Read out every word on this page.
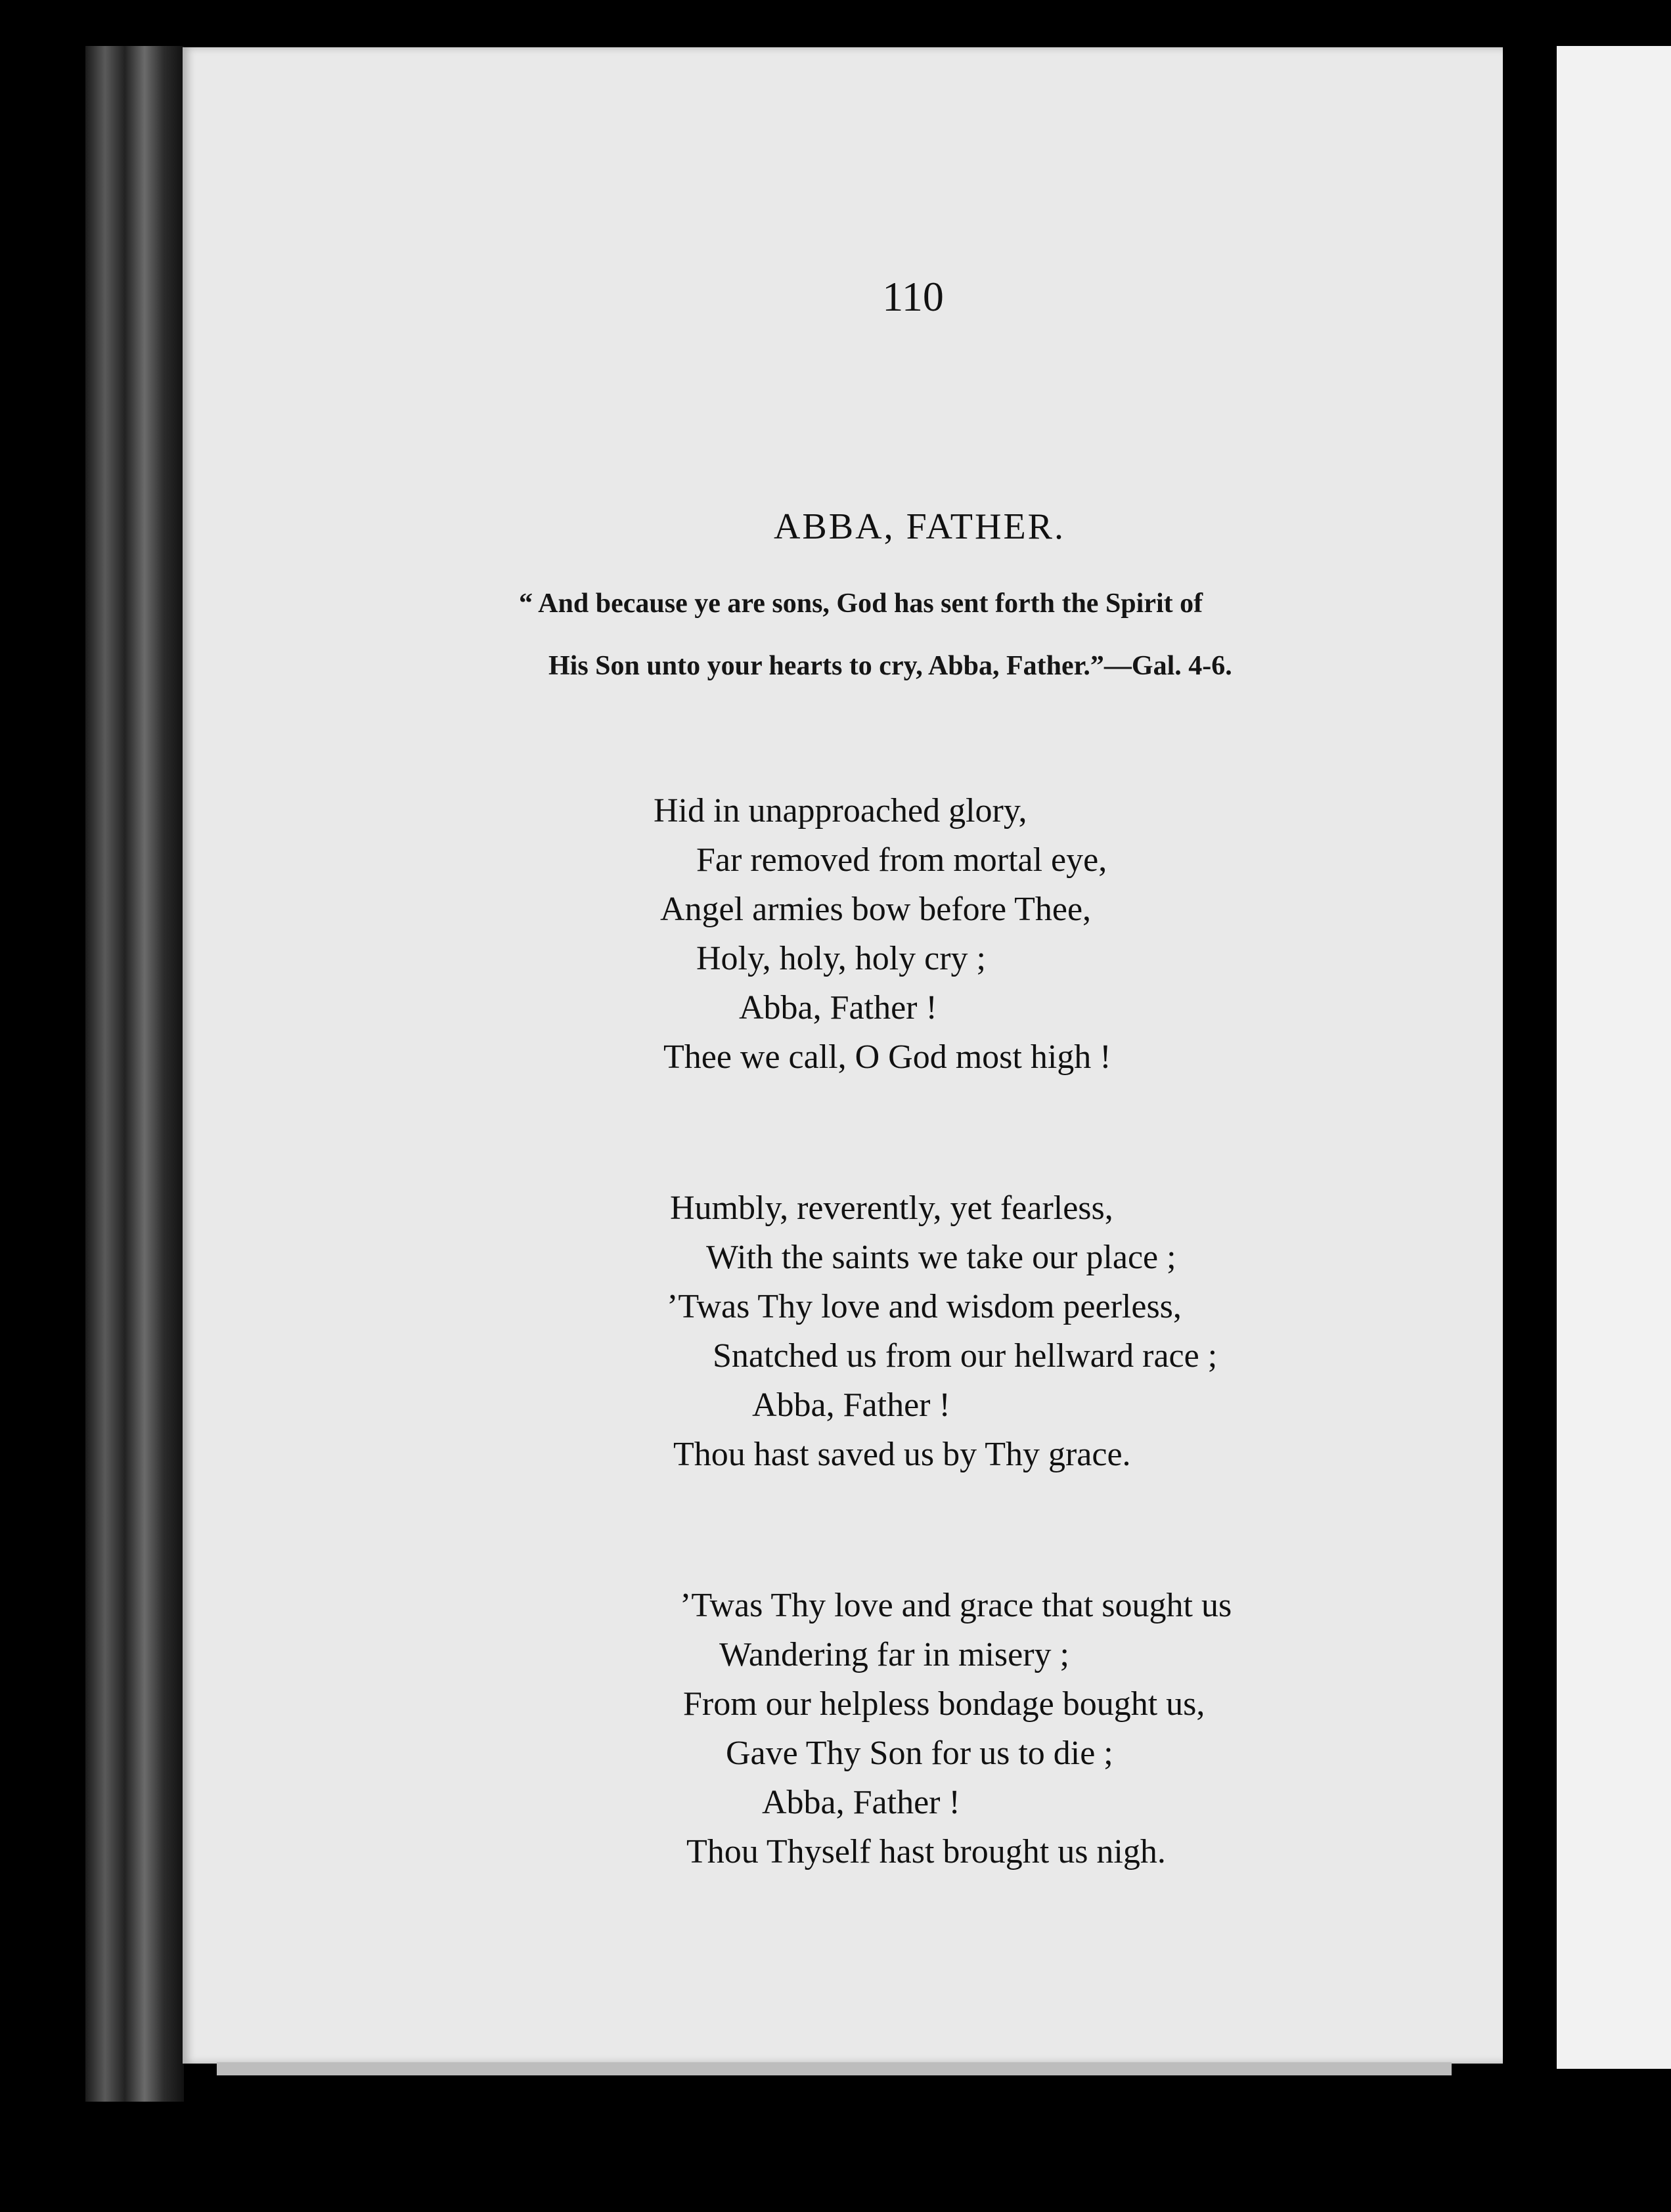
110
ABBA, FATHER.
“ And because ye are sons, God has sent forth the Spirit of
His Son unto your hearts to cry, Abba, Father.”—Gal. 4-6.
Hid in unapproached glory,
Far removed from mortal eye,
Angel armies bow before Thee,
Holy, holy, holy cry ;
Abba, Father !
Thee we call, O God most high !
Humbly, reverently, yet fearless,
With the saints we take our place ;
’Twas Thy love and wisdom peerless,
Snatched us from our hellward race ;
Abba, Father !
Thou hast saved us by Thy grace.
’Twas Thy love and grace that sought us
Wandering far in misery ;
From our helpless bondage bought us,
Gave Thy Son for us to die ;
Abba, Father !
Thou Thyself hast brought us nigh.
